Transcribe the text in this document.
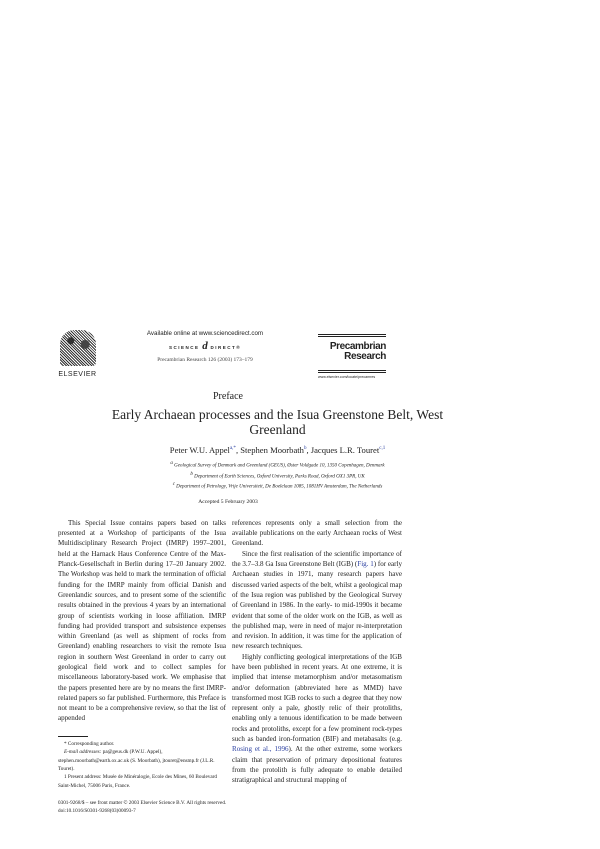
ELSEVIER
Available online at www.sciencedirect.com
SCIENCE d DIRECT®
Precambrian Research 126 (2003) 173–179
Precambrian
Research
www.elsevier.com/locate/precamres
Preface
Early Archaean processes and the Isua Greenstone Belt, West Greenland
Peter W.U. Appel$^{a,*}$, Stephen Moorbath$^b$, Jacques L.R. Touret$^{c,1}$
$^a$ Geological Survey of Denmark and Greenland (GEUS), Øster Voldgade 10, 1350 Copenhagen, Denmark
$^b$ Department of Earth Sciences, Oxford University, Parks Road, Oxford OX1 3PR, UK
$^c$ Department of Petrology, Vrije Universiteit, De Boelelaan 1085, 1081HV Amsterdam, The Netherlands
Accepted 5 February 2003

This Special Issue contains papers based on talks presented at a Workshop of participants of the Isua Multidisciplinary Research Project (IMRP) 1997–2001, held at the Harnack Haus Conference Centre of the Max-Planck-Gesellschaft in Berlin during 17–20 January 2002. The Workshop was held to mark the termination of official funding for the IMRP mainly from official Danish and Greenlandic sources, and to present some of the scientific results obtained in the previous 4 years by an international group of scientists working in loose affiliation. IMRP funding had provided transport and subsistence expenses within Greenland (as well as shipment of rocks from Greenland) enabling researchers to visit the remote Isua region in southern West Greenland in order to carry out geological field work and to collect samples for miscellaneous laboratory-based work. We emphasise that the papers presented here are by no means the first IMRP-related papers so far published. Furthermore, this Preface is not meant to be a comprehensive review, so that the list of appended

* Corresponding author.
E-mail addresses: pa@geus.dk (P.W.U. Appel), stephen.moorbath@earth.ox.ac.uk (S. Moorbath), jtouret@ensmp.fr (J.L.R. Touret).
1 Present address: Musée de Minéralogie, Ecole des Mines, 60 Boulevard Saint-Michel, 75006 Paris, France.

references represents only a small selection from the available publications on the early Archaean rocks of West Greenland.

Since the first realisation of the scientific importance of the 3.7–3.8 Ga Isua Greenstone Belt (IGB) (Fig. 1) for early Archaean studies in 1971, many research papers have discussed varied aspects of the belt, whilst a geological map of the Isua region was published by the Geological Survey of Greenland in 1986. In the early- to mid-1990s it became evident that some of the older work on the IGB, as well as the published map, were in need of major re-interpretation and revision. In addition, it was time for the application of new research techniques.

Highly conflicting geological interpretations of the IGB have been published in recent years. At one extreme, it is implied that intense metamorphism and/or metasomatism and/or deformation (abbreviated here as MMD) have transformed most IGB rocks to such a degree that they now represent only a pale, ghostly relic of their protoliths, enabling only a tenuous identification to be made between rocks and protoliths, except for a few prominent rock-types such as banded iron-formation (BIF) and metabasalts (e.g. Rosing et al., 1996). At the other extreme, some workers claim that preservation of primary depositional features from the protolith is fully adequate to enable detailed stratigraphical and structural mapping of

0301-9268/$ – see front matter © 2003 Elsevier Science B.V. All rights reserved.
doi:10.1016/S0301-9268(03)00093-7
